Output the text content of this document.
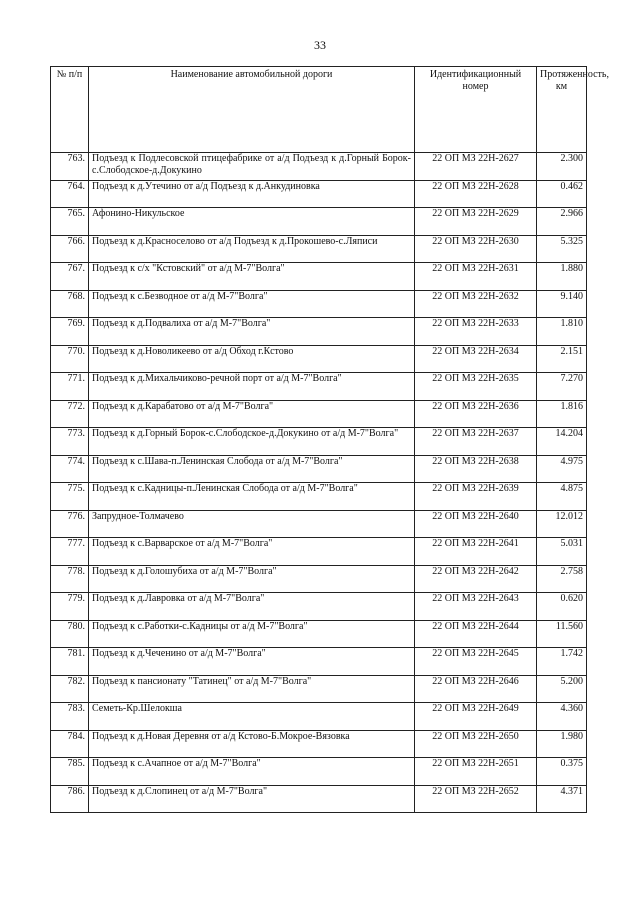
33
№ п/п	Наименование автомобильной дороги	Идентификационный номер	Протяженность, км
763.	Подъезд к Подлесовской птицефабрике от а/д Подъезд к д.Горный Борок-с.Слободское-д.Докукино	22 ОП МЗ 22Н-2627	2.300
764.	Подъезд к д.Утечино от а/д Подъезд к д.Анкудиновка	22 ОП МЗ 22Н-2628	0.462
765.	Афонино-Никульское	22 ОП МЗ 22Н-2629	2.966
766.	Подъезд к д.Красноселово от а/д Подъезд к д.Прокошево-с.Ляписи	22 ОП МЗ 22Н-2630	5.325
767.	Подъезд к с/х "Кстовский" от а/д М-7"Волга"	22 ОП МЗ 22Н-2631	1.880
768.	Подъезд к с.Безводное от а/д М-7"Волга"	22 ОП МЗ 22Н-2632	9.140
769.	Подъезд к д.Подвалиха от а/д М-7"Волга"	22 ОП МЗ 22Н-2633	1.810
770.	Подъезд к д.Новоликеево от а/д Обход г.Кстово	22 ОП МЗ 22Н-2634	2.151
771.	Подъезд к д.Михальчиково-речной порт от а/д М-7"Волга"	22 ОП МЗ 22Н-2635	7.270
772.	Подъезд к д.Карабатово от а/д М-7"Волга"	22 ОП МЗ 22Н-2636	1.816
773.	Подъезд к д.Горный Борок-с.Слободское-д.Докукино от а/д М-7"Волга"	22 ОП МЗ 22Н-2637	14.204
774.	Подъезд к с.Шава-п.Ленинская Слобода от а/д М-7"Волга"	22 ОП МЗ 22Н-2638	4.975
775.	Подъезд к с.Кадницы-п.Ленинская Слобода от а/д М-7"Волга"	22 ОП МЗ 22Н-2639	4.875
776.	Запрудное-Толмачево	22 ОП МЗ 22Н-2640	12.012
777.	Подъезд к с.Варварское от а/д М-7"Волга"	22 ОП МЗ 22Н-2641	5.031
778.	Подъезд к д.Голошубиха от а/д М-7"Волга"	22 ОП МЗ 22Н-2642	2.758
779.	Подъезд к д.Лавровка от а/д М-7"Волга"	22 ОП МЗ 22Н-2643	0.620
780.	Подъезд к с.Работки-с.Кадницы от а/д М-7"Волга"	22 ОП МЗ 22Н-2644	11.560
781.	Подъезд к д.Чеченино от а/д М-7"Волга"	22 ОП МЗ 22Н-2645	1.742
782.	Подъезд к пансионату "Татинец" от а/д М-7"Волга"	22 ОП МЗ 22Н-2646	5.200
783.	Семеть-Кр.Шелокша	22 ОП МЗ 22Н-2649	4.360
784.	Подъезд к д.Новая Деревня от а/д Кстово-Б.Мокрое-Вязовка	22 ОП МЗ 22Н-2650	1.980
785.	Подъезд к с.Ачапное от а/д М-7"Волга"	22 ОП МЗ 22Н-2651	0.375
786.	Подъезд к д.Слопинец от а/д М-7"Волга"	22 ОП МЗ 22Н-2652	4.371
